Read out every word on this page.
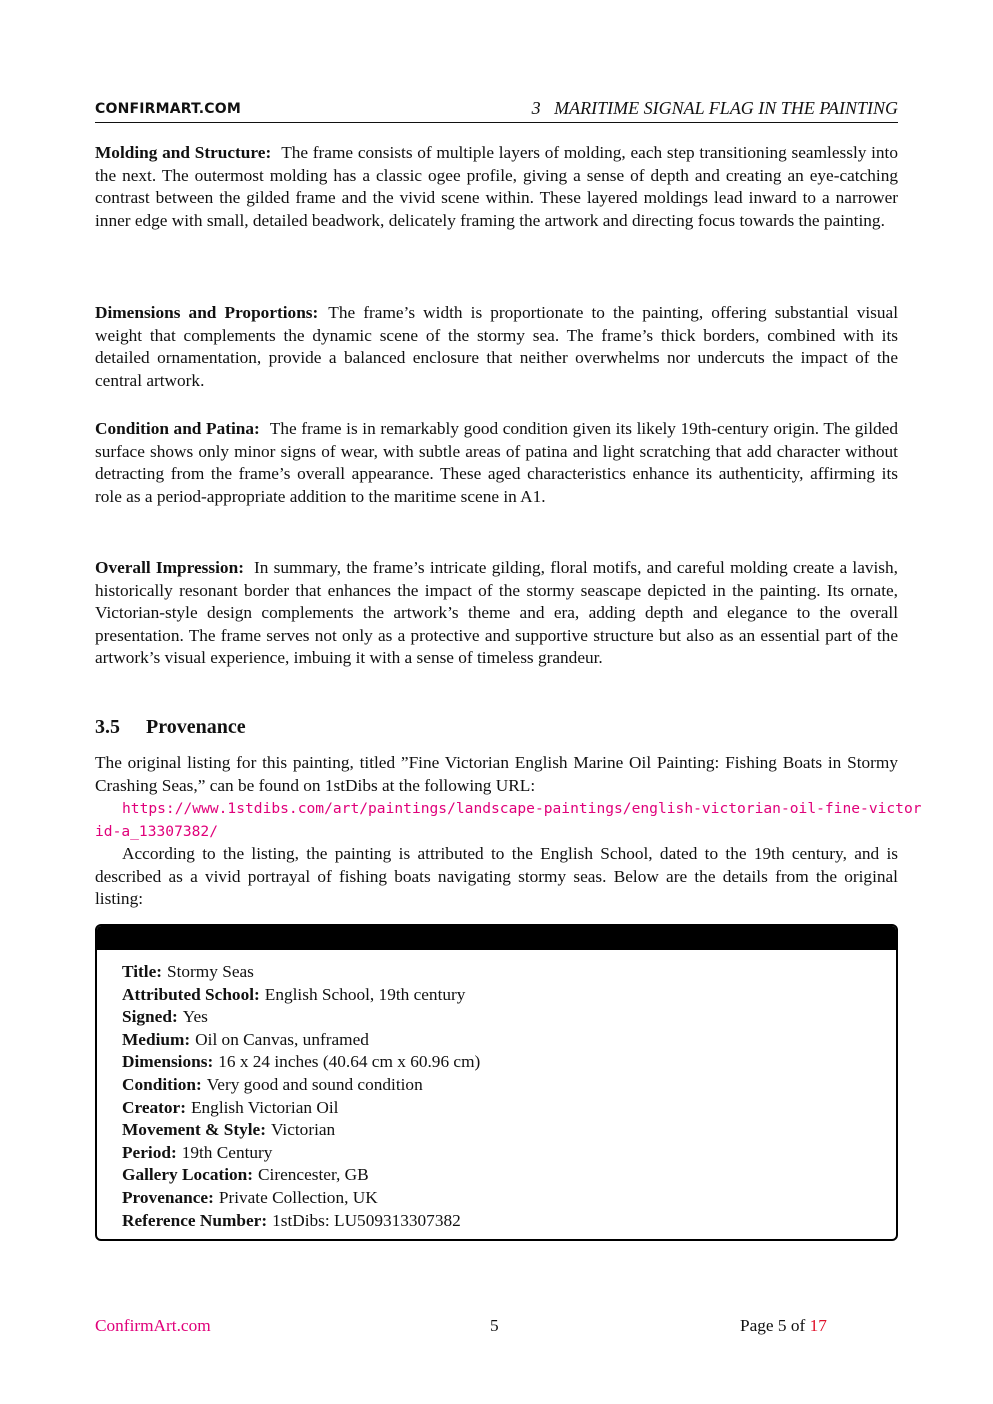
CONFIRMART.COM	3   MARITIME SIGNAL FLAG IN THE PAINTING

Molding and Structure: The frame consists of multiple layers of molding, each step transitioning seamlessly into the next. The outermost molding has a classic ogee profile, giving a sense of depth and creating an eye-catching contrast between the gilded frame and the vivid scene within. These layered moldings lead inward to a narrower inner edge with small, detailed beadwork, delicately framing the artwork and directing focus towards the painting.

Dimensions and Proportions: The frame’s width is proportionate to the painting, offering substantial visual weight that complements the dynamic scene of the stormy sea. The frame’s thick borders, combined with its detailed ornamentation, provide a balanced enclosure that neither overwhelms nor undercuts the impact of the central artwork.

Condition and Patina: The frame is in remarkably good condition given its likely 19th-century origin. The gilded surface shows only minor signs of wear, with subtle areas of patina and light scratching that add character without detracting from the frame’s overall appearance. These aged characteristics enhance its authenticity, affirming its role as a period-appropriate addition to the maritime scene in A1.

Overall Impression: In summary, the frame’s intricate gilding, floral motifs, and careful molding create a lavish, historically resonant border that enhances the impact of the stormy seascape depicted in the painting. Its ornate, Victorian-style design complements the artwork’s theme and era, adding depth and elegance to the overall presentation. The frame serves not only as a protective and supportive structure but also as an essential part of the artwork’s visual experience, imbuing it with a sense of timeless grandeur.

3.5 Provenance

The original listing for this painting, titled ”Fine Victorian English Marine Oil Painting: Fishing Boats in Stormy Crashing Seas,” can be found on 1stDibs at the following URL:

https://www.1stdibs.com/art/paintings/landscape-paintings/english-victorian-oil-fine-victor
id-a_13307382/

According to the listing, the painting is attributed to the English School, dated to the 19th century, and is described as a vivid portrayal of fishing boats navigating stormy seas. Below are the details from the original listing:

Title: Stormy Seas
Attributed School: English School, 19th century
Signed: Yes
Medium: Oil on Canvas, unframed
Dimensions: 16 x 24 inches (40.64 cm x 60.96 cm)
Condition: Very good and sound condition
Creator: English Victorian Oil
Movement & Style: Victorian
Period: 19th Century
Gallery Location: Cirencester, GB
Provenance: Private Collection, UK
Reference Number: 1stDibs: LU509313307382
ConfirmArt.com	5	Page 5 of 17
